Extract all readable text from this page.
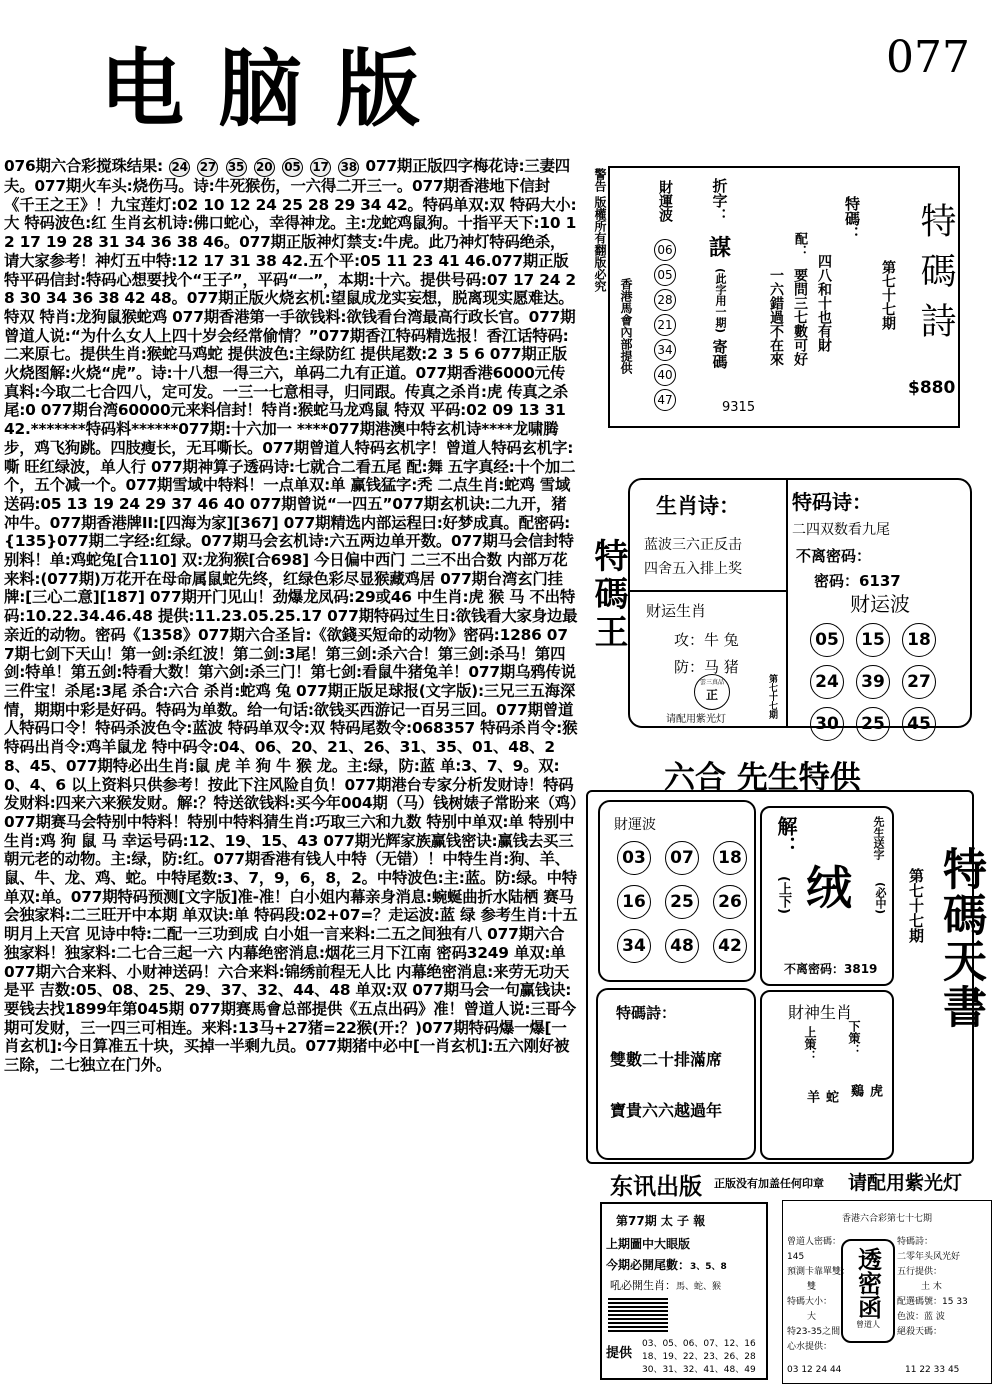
电脑版	077
076期六合彩搅珠结果: 24 27 35 20 05 17 38 077期正版四字梅花诗:三妻四夫。077期火车头:烧伤马。诗:牛死猴伤，一六得二开三一。077期香港地下信封《千王之王》！九宝莲灯:02 10 12 24 25 28 29 34 42。特码单双:双 特码大小:大 特码波色:红 生肖玄机诗:佛口蛇心，幸得神龙。主:龙蛇鸡鼠狗。十指平天下:10 12 17 19 28 31 34 36 38 46。077期正版神灯禁支:牛虎。此乃神灯特码绝杀，请大家参考！神灯五中特:12 17 31 38 42.五个平:05 11 23 41 46.077期正版特平码信封:特码心想要找个“王子”，平码“一”，本期:十六。提供号码:07 17 24 28 30 34 36 38 42 48。077期正版火烧玄机:望鼠成龙实妄想，脱离现实愿难达。特双 特肖:龙狗鼠猴蛇鸡 077期香港第一手欲钱料:欲钱看台湾最高行政长官。077期曾道人说:“为什么女人上四十岁会经常偷情？”077期香江特码精选报！香江话特码:二来原七。提供生肖:猴蛇马鸡蛇 提供波色:主绿防红 提供尾数:2 3 5 6 077期正版火烧图解:火烧“虎”。诗:十八想一得三六，单码二九有正道。077期香港6000元传真料:今取二七合四八，定可发。一三一七意相寻，归同跟。传真之杀肖:虎 传真之杀尾:0 077期台湾60000元来料信封！特肖:猴蛇马龙鸡鼠 特双 平码:02 09 13 31 42.*******特码料******077期:十六加一 ****077期港澳中特玄机诗****龙啸腾步，鸡飞狗跳。四肢瘦长，无耳嘶长。077期曾道人特码玄机字！曾道人特码玄机字:嘶 旺红绿波，单人行 077期神算子透码诗:七就合二看五尾 配:舞 五字真经:十个加二个，五个减一个。077期雪域中特料！一点单双:单 赢钱猛字:秃 二点生肖:蛇鸡 雪域送码:05 13 19 24 29 37 46 40 077期曾说“一四五”077期玄机诀:二九开，猪冲牛。077期香港牌II:[四海为家][367] 077期精选内部运程曰:好梦成真。配密码:{135}077期二字经:红绿。077期马会玄机诗:六五两边单开数。077期马会信封特别料！单:鸡蛇兔[合110] 双:龙狗猴[合698] 今日偏中西门 二三不出合数 内部万花来料:(077期)万花开在母命属鼠蛇先终，红绿色彩尽显猴藏鸡居 077期台湾玄门挂牌:[三心二意][187] 077期开门见山！劲爆龙凤码:29或46 中生肖:虎 猴 马 不出特码:10.22.34.46.48 提供:11.23.05.25.17 077期特码过生日:欲钱看大家身边最亲近的动物。密码《1358》077期六合圣旨:《欲錢买短命的动物》密码:1286 077期七剑下天山！第一剑:杀红波！第二剑:3尾！第三剑:杀六合！第三剑:杀马！第四剑:特单！第五剑:特看大数！第六剑:杀三门！第七剑:看鼠牛猪兔羊！077期乌鸦传说三件宝！杀尾:3尾 杀合:六合 杀肖:蛇鸡 兔 077期正版足球报(文字版):三兄三五海深情，期期中彩是好码。特码为单数。给一句话:欲钱买西游记一百另三回。077期曾道人特码口令！特码杀波色令:蓝波 特码单双令:双 特码尾数令:068357 特码杀肖令:猴 特码出肖令:鸡羊鼠龙 特中码令:04、06、20、21、26、31、35、01、48、28、45、077期特必出生肖:鼠 虎 羊 狗 牛 猴 龙。主:绿，防:蓝 单:3、7、9。双:0、4、6 以上资料只供参考！按此下注风险自负！077期港台专家分析发财诗！特码发财料:四来六来猴发财。解:？特送欲钱料:买今年004期（马）钱树婊子常盼来（鸡）077期赛马会特别中特料！特别中特料猜生肖:巧取三六和九数 特别中单双:单 特别中生肖:鸡 狗 鼠 马 幸运号码:12、19、15、43 077期光辉家族赢钱密诀:赢钱去买三朝元老的动物。主:绿，防:红。077期香港有钱人中特（无错）！中特生肖:狗、羊、鼠、牛、龙、鸡、蛇。中特尾数:3、7，9，6，8，2。中特波色:主:蓝。防:绿。中特单双:单。077期特码预测[文字版]准-准！白小姐内幕亲身消息:蜿蜒曲折水陆栖 赛马会独家料:二三旺开中本期 单双诀:单 特码段:02+07=？走运波:蓝 绿 参考生肖:十五明月上天宫 见诗中特:二配一三功到成 白小姐一言来料:二五之间独有八 077期六合独家料！独家料:二七合三起一六 内幕绝密消息:烟花三月下江南 密码3249 单双:单 077期六合来料、小财神送码！六合来料:锦绣前程无人比 内幕绝密消息:来劳无功天是平 吉数:05、08、25、29、37、32、44、48 单双:双 077期马会一句赢钱诀:要钱去找1899年第045期 077期赛馬會总部提供《五点出码》准！曾道人说:三哥今期可发财，三一四三可相连。来料:13马+27猪=22猴(开:？)077期特码爆一爆[一肖玄机]:今日算准五十块，买掉一半剩九员。077期猪中必中[一肖玄机]:五六刚好被三除，二七独立在门外。
警告 版權所有翻版必究
香港馬會內部提供
財運波
06
05
28
21
34
40
47
折字：
謀
(此字用一期)
寄碼
9315
特碼：
四八和十也有財
配：
要問三七數可好
一六錯過不在來	第七十七期 特碼詩
$880
特碼王
生肖诗：
蓝波三六正反击
四舍五入排上奖
特码诗：
二四双数看九尾
不离密码：
密码：6137
财运生肖
攻：牛 兔
防：马 猪
雲三真品
正
请配用紫光灯
第七十七期
财运波
05 15 18
24 39 27
30 25 45
六合 先生特供
財運波
03 07 18
16 25 26
34 48 42
解：
(上下) 绒
先生送字
(必中)
不离密码：3819
特碼詩：
雙數二十排滿席
寶貴六六越過年
財神生肖
上策：	下策：
蛇 羊	虎 鷄
第七十七期 特碼天書
东讯出版 正版没有加盖任何印章 请配用紫光灯
第77期 太 子 報
上期圖中大眼版
今期必開尾數：3、5、8
吼必開生肖：馬、蛇、猴
提供
03、05、06、07、12、16
18、19、22、23、26、28
30、31、32、41、48、49
香港六合彩第七十七期
曾道人密碼：145
預測卡靠單雙：
雙
特碼大小：
大
特23-35之間
心水提供：
透密函
曾道人
特碼詩：
二零年头风光好
五行提供：
土 木
配選碼號：15 33
色波：蓝 波
絕殺天碼：
03 12 24 44	11 22 33 45
